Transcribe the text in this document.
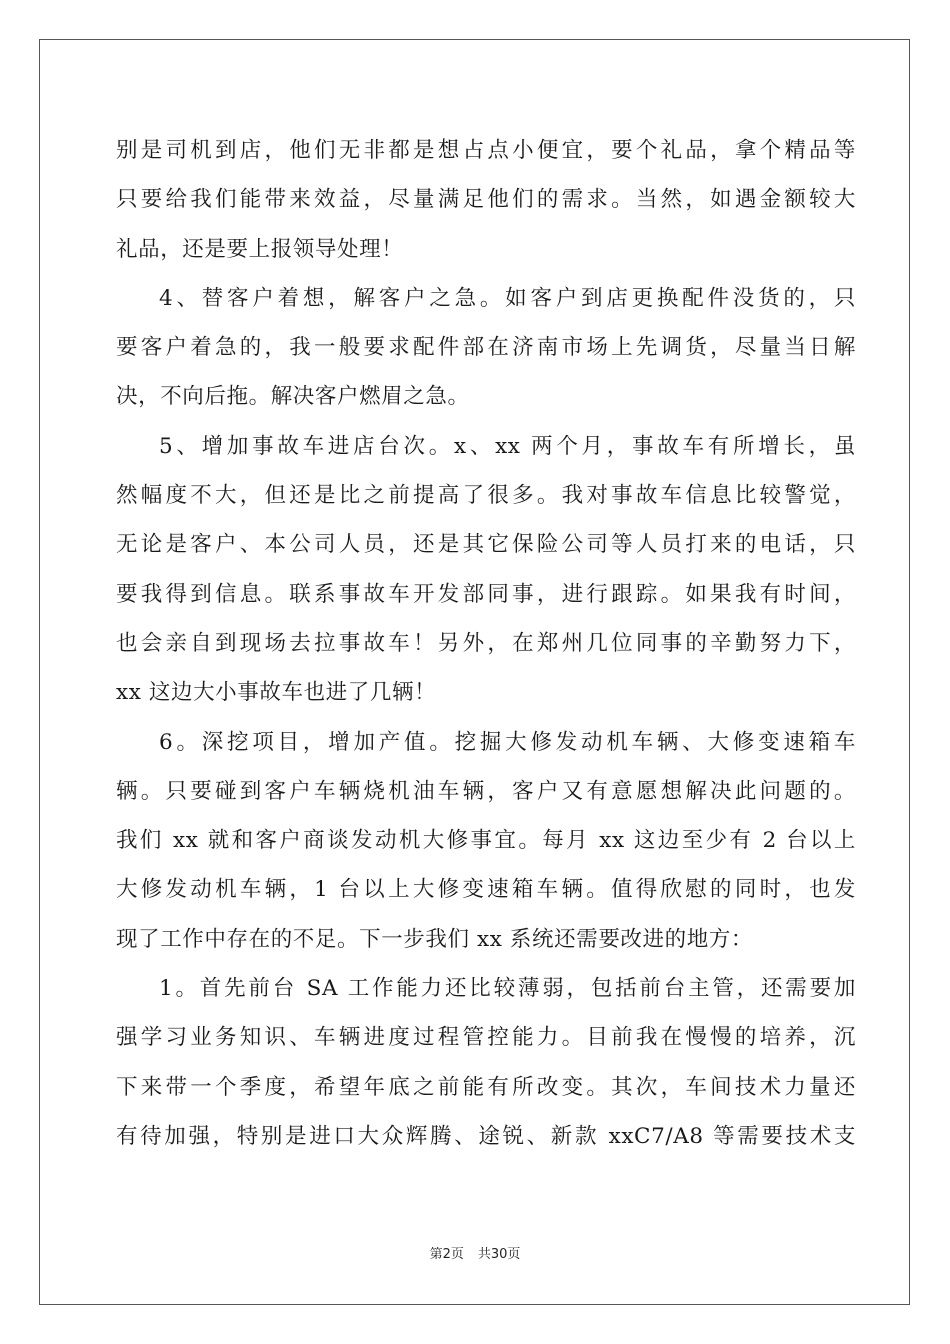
别是司机到店，他们无非都是想占点小便宜，要个礼品，拿个精品等
只要给我们能带来效益，尽量满足他们的需求。当然，如遇金额较大
礼品，还是要上报领导处理！
4、替客户着想，解客户之急。如客户到店更换配件没货的，只
要客户着急的，我一般要求配件部在济南市场上先调货，尽量当日解
决，不向后拖。解决客户燃眉之急。
5、增加事故车进店台次。x、xx 两个月，事故车有所增长，虽
然幅度不大，但还是比之前提高了很多。我对事故车信息比较警觉，
无论是客户、本公司人员，还是其它保险公司等人员打来的电话，只
要我得到信息。联系事故车开发部同事，进行跟踪。如果我有时间，
也会亲自到现场去拉事故车！另外，在郑州几位同事的辛勤努力下，
xx 这边大小事故车也进了几辆！
6。深挖项目，增加产值。挖掘大修发动机车辆、大修变速箱车
辆。只要碰到客户车辆烧机油车辆，客户又有意愿想解决此问题的。
我们 xx 就和客户商谈发动机大修事宜。每月 xx 这边至少有 2 台以上
大修发动机车辆，1 台以上大修变速箱车辆。值得欣慰的同时，也发
现了工作中存在的不足。下一步我们 xx 系统还需要改进的地方：
1。首先前台 SA 工作能力还比较薄弱，包括前台主管，还需要加
强学习业务知识、车辆进度过程管控能力。目前我在慢慢的培养，沉
下来带一个季度，希望年底之前能有所改变。其次，车间技术力量还
有待加强，特别是进口大众辉腾、途锐、新款 xxC7/A8 等需要技术支
第2页 共30页
